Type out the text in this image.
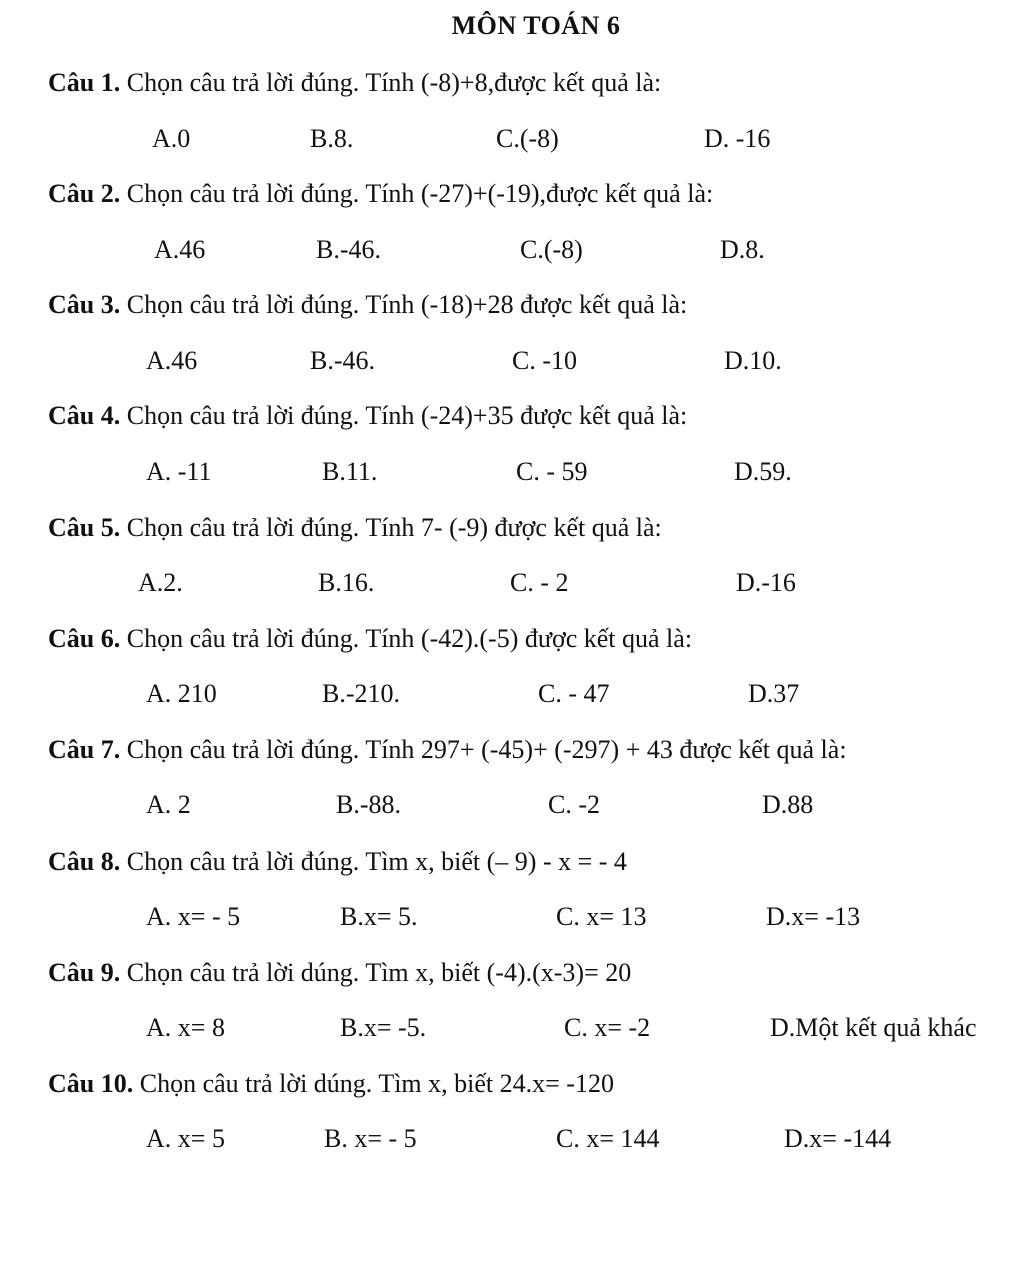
MÔN TOÁN 6
Câu 1. Chọn câu trả lời đúng. Tính (-8)+8,được kết quả là:
A.0	B.8.	C.(-8)	D. -16
Câu 2. Chọn câu trả lời đúng. Tính (-27)+(-19),được kết quả là:
A.46	B.-46.	C.(-8)	D.8.
Câu 3. Chọn câu trả lời đúng. Tính (-18)+28 được kết quả là:
A.46	B.-46.	C. -10	D.10.
Câu 4. Chọn câu trả lời đúng. Tính (-24)+35 được kết quả là:
A. -11	B.11.	C. - 59	D.59.
Câu 5. Chọn câu trả lời đúng. Tính 7- (-9) được kết quả là:
A.2.	B.16.	C. - 2	D.-16
Câu 6. Chọn câu trả lời đúng. Tính (-42).(-5) được kết quả là:
A. 210	B.-210.	C. - 47	D.37
Câu 7. Chọn câu trả lời đúng. Tính 297+ (-45)+ (-297) + 43 được kết quả là:
A. 2	B.-88.	C. -2	D.88
Câu 8. Chọn câu trả lời đúng. Tìm x, biết (– 9) - x = - 4
A. x= - 5	B.x= 5.	C. x= 13	D.x= -13
Câu 9. Chọn câu trả lời dúng. Tìm x, biết (-4).(x-3)= 20
A. x= 8	B.x= -5.	C. x= -2	D.Một kết quả khác
Câu 10. Chọn câu trả lời dúng. Tìm x, biết 24.x= -120
A. x= 5	B. x= - 5	C. x= 144	D.x= -144
